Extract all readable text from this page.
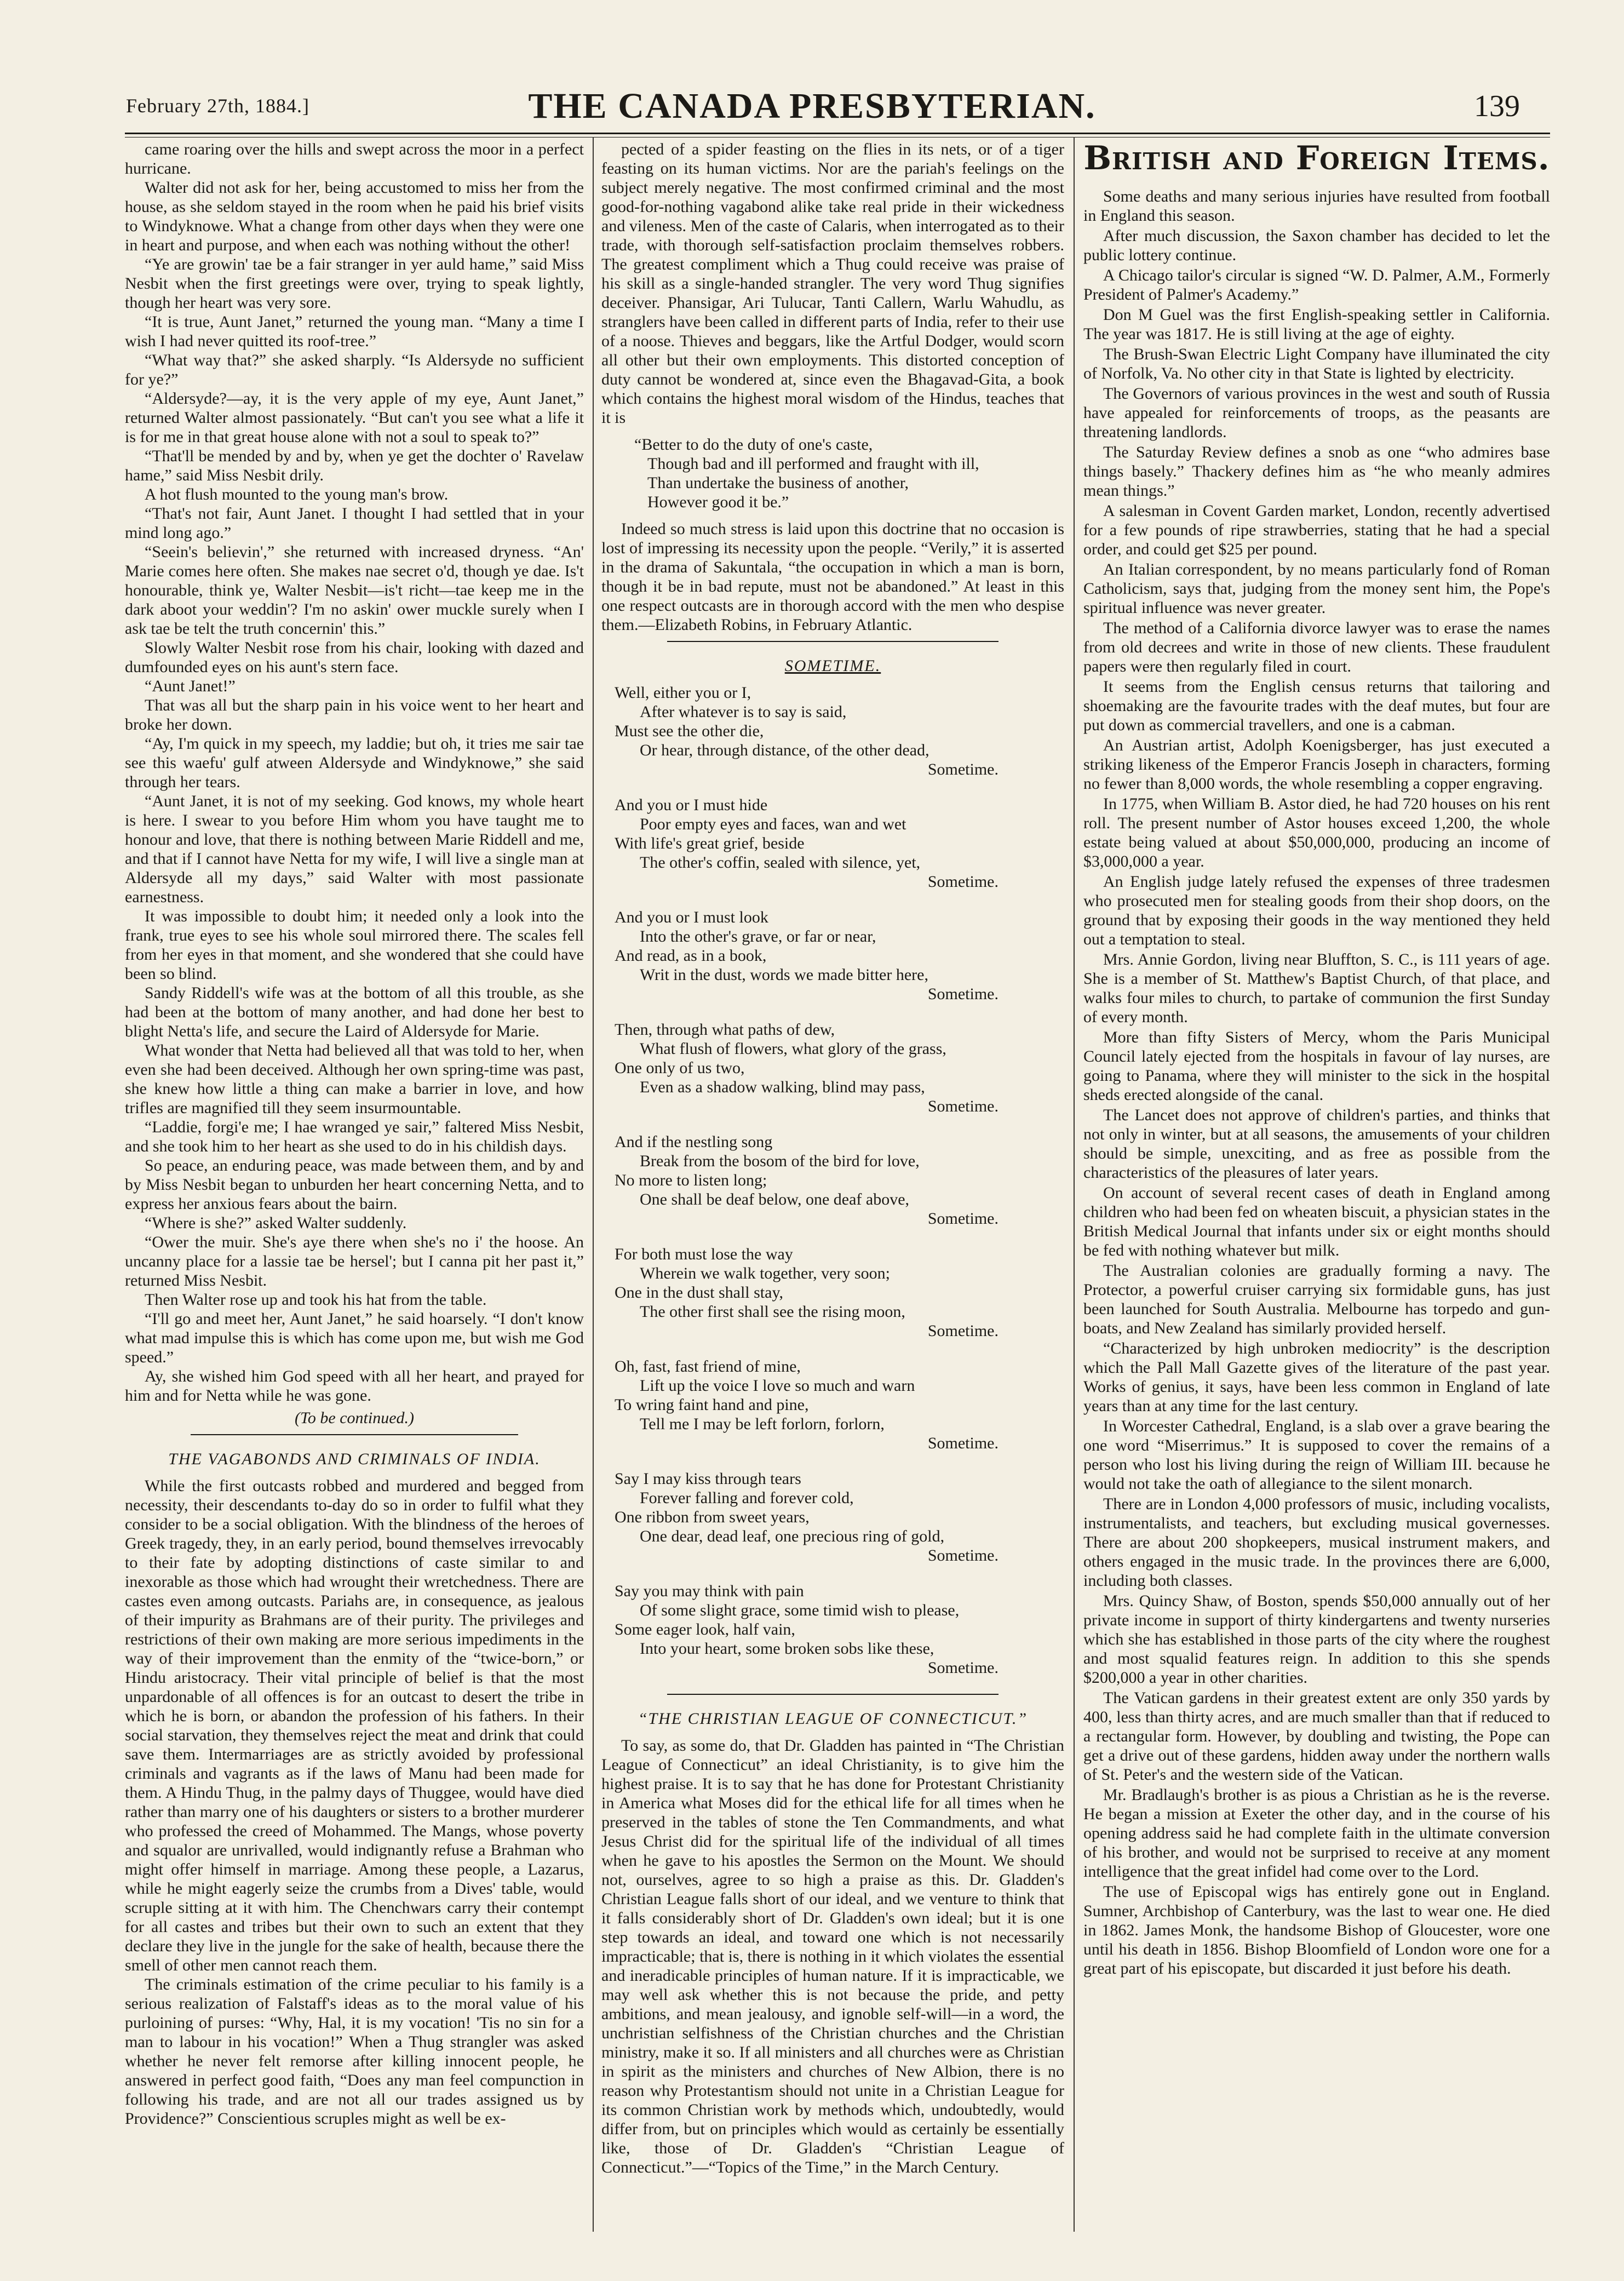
February 27th, 1884.]	THE CANADA PRESBYTERIAN.	139

came roaring over the hills and swept across the moor in a perfect hurricane.

Walter did not ask for her, being accustomed to miss her from the house, as she seldom stayed in the room when he paid his brief visits to Windyknowe. What a change from other days when they were one in heart and purpose, and when each was nothing without the other!

“Ye are growin' tae be a fair stranger in yer auld hame,” said Miss Nesbit when the first greetings were over, trying to speak lightly, though her heart was very sore.

“It is true, Aunt Janet,” returned the young man. “Many a time I wish I had never quitted its roof-tree.”

“What way that?” she asked sharply. “Is Aldersyde no sufficient for ye?”

“Aldersyde?—ay, it is the very apple of my eye, Aunt Janet,” returned Walter almost passionately. “But can't you see what a life it is for me in that great house alone with not a soul to speak to?”

“That'll be mended by and by, when ye get the dochter o' Ravelaw hame,” said Miss Nesbit drily.

A hot flush mounted to the young man's brow.

“That's not fair, Aunt Janet. I thought I had settled that in your mind long ago.”

“Seein's believin',” she returned with increased dryness. “An' Marie comes here often. She makes nae secret o'd, though ye dae. Is't honourable, think ye, Walter Nesbit—is't richt—tae keep me in the dark aboot your weddin'? I'm no askin' ower muckle surely when I ask tae be telt the truth concernin' this.”

Slowly Walter Nesbit rose from his chair, looking with dazed and dumfounded eyes on his aunt's stern face.

“Aunt Janet!”

That was all but the sharp pain in his voice went to her heart and broke her down.

“Ay, I'm quick in my speech, my laddie; but oh, it tries me sair tae see this waefu' gulf atween Aldersyde and Windyknowe,” she said through her tears.

“Aunt Janet, it is not of my seeking. God knows, my whole heart is here. I swear to you before Him whom you have taught me to honour and love, that there is nothing between Marie Riddell and me, and that if I cannot have Netta for my wife, I will live a single man at Aldersyde all my days,” said Walter with most passionate earnestness.

It was impossible to doubt him; it needed only a look into the frank, true eyes to see his whole soul mirrored there. The scales fell from her eyes in that moment, and she wondered that she could have been so blind.

Sandy Riddell's wife was at the bottom of all this trouble, as she had been at the bottom of many another, and had done her best to blight Netta's life, and secure the Laird of Aldersyde for Marie.

What wonder that Netta had believed all that was told to her, when even she had been deceived. Although her own spring-time was past, she knew how little a thing can make a barrier in love, and how trifles are magnified till they seem insurmountable.

“Laddie, forgi'e me; I hae wranged ye sair,” faltered Miss Nesbit, and she took him to her heart as she used to do in his childish days.

So peace, an enduring peace, was made between them, and by and by Miss Nesbit began to unburden her heart concerning Netta, and to express her anxious fears about the bairn.

“Where is she?” asked Walter suddenly.

“Ower the muir. She's aye there when she's no i' the hoose. An uncanny place for a lassie tae be hersel'; but I canna pit her past it,” returned Miss Nesbit.

Then Walter rose up and took his hat from the table.

“I'll go and meet her, Aunt Janet,” he said hoarsely. “I don't know what mad impulse this is which has come upon me, but wish me God speed.”

Ay, she wished him God speed with all her heart, and prayed for him and for Netta while he was gone.

(To be continued.)
THE VAGABONDS AND CRIMINALS OF INDIA.

While the first outcasts robbed and murdered and begged from necessity, their descendants to-day do so in order to fulfil what they consider to be a social obligation. With the blindness of the heroes of Greek tragedy, they, in an early period, bound themselves irrevocably to their fate by adopting distinctions of caste similar to and inexorable as those which had wrought their wretchedness. There are castes even among outcasts. Pariahs are, in consequence, as jealous of their impurity as Brahmans are of their purity. The privileges and restrictions of their own making are more serious impediments in the way of their improvement than the enmity of the “twice-born,” or Hindu aristocracy. Their vital principle of belief is that the most unpardonable of all offences is for an outcast to desert the tribe in which he is born, or abandon the profession of his fathers. In their social starvation, they themselves reject the meat and drink that could save them. Intermarriages are as strictly avoided by professional criminals and vagrants as if the laws of Manu had been made for them. A Hindu Thug, in the palmy days of Thuggee, would have died rather than marry one of his daughters or sisters to a brother murderer who professed the creed of Mohammed. The Mangs, whose poverty and squalor are unrivalled, would indignantly refuse a Brahman who might offer himself in marriage. Among these people, a Lazarus, while he might eagerly seize the crumbs from a Dives' table, would scruple sitting at it with him. The Chenchwars carry their contempt for all castes and tribes but their own to such an extent that they declare they live in the jungle for the sake of health, because there the smell of other men cannot reach them.

The criminals estimation of the crime peculiar to his family is a serious realization of Falstaff's ideas as to the moral value of his purloining of purses: “Why, Hal, it is my vocation! 'Tis no sin for a man to labour in his vocation!” When a Thug strangler was asked whether he never felt remorse after killing innocent people, he answered in perfect good faith, “Does any man feel compunction in following his trade, and are not all our trades assigned us by Providence?” Conscientious scruples might as well be ex-

pected of a spider feasting on the flies in its nets, or of a tiger feasting on its human victims. Nor are the pariah's feelings on the subject merely negative. The most confirmed criminal and the most good-for-nothing vagabond alike take real pride in their wickedness and vileness. Men of the caste of Calaris, when interrogated as to their trade, with thorough self-satisfaction proclaim themselves robbers. The greatest compliment which a Thug could receive was praise of his skill as a single-handed strangler. The very word Thug signifies deceiver. Phansigar, Ari Tulucar, Tanti Callern, Warlu Wahudlu, as stranglers have been called in different parts of India, refer to their use of a noose. Thieves and beggars, like the Artful Dodger, would scorn all other but their own employments. This distorted conception of duty cannot be wondered at, since even the Bhagavad-Gita, a book which contains the highest moral wisdom of the Hindus, teaches that it is

“Better to do the duty of one's caste,
Though bad and ill performed and fraught with ill,
Than undertake the business of another,
However good it be.”

Indeed so much stress is laid upon this doctrine that no occasion is lost of impressing its necessity upon the people. “Verily,” it is asserted in the drama of Sakuntala, “the occupation in which a man is born, though it be in bad repute, must not be abandoned.” At least in this one respect outcasts are in thorough accord with the men who despise them.—Elizabeth Robins, in February Atlantic.

SOMETIME.
Well, either you or I,
After whatever is to say is said,
Must see the other die,
Or hear, through distance, of the other dead,
Sometime.
And you or I must hide
Poor empty eyes and faces, wan and wet
With life's great grief, beside
The other's coffin, sealed with silence, yet,
Sometime.
And you or I must look
Into the other's grave, or far or near,
And read, as in a book,
Writ in the dust, words we made bitter here,
Sometime.
Then, through what paths of dew,
What flush of flowers, what glory of the grass,
One only of us two,
Even as a shadow walking, blind may pass,
Sometime.
And if the nestling song
Break from the bosom of the bird for love,
No more to listen long;
One shall be deaf below, one deaf above,
Sometime.
For both must lose the way
Wherein we walk together, very soon;
One in the dust shall stay,
The other first shall see the rising moon,
Sometime.
Oh, fast, fast friend of mine,
Lift up the voice I love so much and warn
To wring faint hand and pine,
Tell me I may be left forlorn, forlorn,
Sometime.
Say I may kiss through tears
Forever falling and forever cold,
One ribbon from sweet years,
One dear, dead leaf, one precious ring of gold,
Sometime.
Say you may think with pain
Of some slight grace, some timid wish to please,
Some eager look, half vain,
Into your heart, some broken sobs like these,
Sometime.
“THE CHRISTIAN LEAGUE OF CONNECTICUT.”

To say, as some do, that Dr. Gladden has painted in “The Christian League of Connecticut” an ideal Christianity, is to give him the highest praise. It is to say that he has done for Protestant Christianity in America what Moses did for the ethical life for all times when he preserved in the tables of stone the Ten Commandments, and what Jesus Christ did for the spiritual life of the individual of all times when he gave to his apostles the Sermon on the Mount. We should not, ourselves, agree to so high a praise as this. Dr. Gladden's Christian League falls short of our ideal, and we venture to think that it falls considerably short of Dr. Gladden's own ideal; but it is one step towards an ideal, and toward one which is not necessarily impracticable; that is, there is nothing in it which violates the essential and ineradicable principles of human nature. If it is impracticable, we may well ask whether this is not because the pride, and petty ambitions, and mean jealousy, and ignoble self-will—in a word, the unchristian selfishness of the Christian churches and the Christian ministry, make it so. If all ministers and all churches were as Christian in spirit as the ministers and churches of New Albion, there is no reason why Protestantism should not unite in a Christian League for its common Christian work by methods which, undoubtedly, would differ from, but on principles which would as certainly be essentially like, those of Dr. Gladden's “Christian League of Connecticut.”—“Topics of the Time,” in the March Century.

British and Foreign Items.

Some deaths and many serious injuries have resulted from football in England this season.

After much discussion, the Saxon chamber has decided to let the public lottery continue.

A Chicago tailor's circular is signed “W. D. Palmer, A.M., Formerly President of Palmer's Academy.”

Don M Guel was the first English-speaking settler in California. The year was 1817. He is still living at the age of eighty.

The Brush-Swan Electric Light Company have illuminated the city of Norfolk, Va. No other city in that State is lighted by electricity.

The Governors of various provinces in the west and south of Russia have appealed for reinforcements of troops, as the peasants are threatening landlords.

The Saturday Review defines a snob as one “who admires base things basely.” Thackery defines him as “he who meanly admires mean things.”

A salesman in Covent Garden market, London, recently advertised for a few pounds of ripe strawberries, stating that he had a special order, and could get $25 per pound.

An Italian correspondent, by no means particularly fond of Roman Catholicism, says that, judging from the money sent him, the Pope's spiritual influence was never greater.

The method of a California divorce lawyer was to erase the names from old decrees and write in those of new clients. These fraudulent papers were then regularly filed in court.

It seems from the English census returns that tailoring and shoemaking are the favourite trades with the deaf mutes, but four are put down as commercial travellers, and one is a cabman.

An Austrian artist, Adolph Koenigsberger, has just executed a striking likeness of the Emperor Francis Joseph in characters, forming no fewer than 8,000 words, the whole resembling a copper engraving.

In 1775, when William B. Astor died, he had 720 houses on his rent roll. The present number of Astor houses exceed 1,200, the whole estate being valued at about $50,000,000, producing an income of $3,000,000 a year.

An English judge lately refused the expenses of three tradesmen who prosecuted men for stealing goods from their shop doors, on the ground that by exposing their goods in the way mentioned they held out a temptation to steal.

Mrs. Annie Gordon, living near Bluffton, S. C., is 111 years of age. She is a member of St. Matthew's Baptist Church, of that place, and walks four miles to church, to partake of communion the first Sunday of every month.

More than fifty Sisters of Mercy, whom the Paris Municipal Council lately ejected from the hospitals in favour of lay nurses, are going to Panama, where they will minister to the sick in the hospital sheds erected alongside of the canal.

The Lancet does not approve of children's parties, and thinks that not only in winter, but at all seasons, the amusements of your children should be simple, unexciting, and as free as possible from the characteristics of the pleasures of later years.

On account of several recent cases of death in England among children who had been fed on wheaten biscuit, a physician states in the British Medical Journal that infants under six or eight months should be fed with nothing whatever but milk.

The Australian colonies are gradually forming a navy. The Protector, a powerful cruiser carrying six formidable guns, has just been launched for South Australia. Melbourne has torpedo and gun-boats, and New Zealand has similarly provided herself.

“Characterized by high unbroken mediocrity” is the description which the Pall Mall Gazette gives of the literature of the past year. Works of genius, it says, have been less common in England of late years than at any time for the last century.

In Worcester Cathedral, England, is a slab over a grave bearing the one word “Miserrimus.” It is supposed to cover the remains of a person who lost his living during the reign of William III. because he would not take the oath of allegiance to the silent monarch.

There are in London 4,000 professors of music, including vocalists, instrumentalists, and teachers, but excluding musical governesses. There are about 200 shopkeepers, musical instrument makers, and others engaged in the music trade. In the provinces there are 6,000, including both classes.

Mrs. Quincy Shaw, of Boston, spends $50,000 annually out of her private income in support of thirty kindergartens and twenty nurseries which she has established in those parts of the city where the roughest and most squalid features reign. In addition to this she spends $200,000 a year in other charities.

The Vatican gardens in their greatest extent are only 350 yards by 400, less than thirty acres, and are much smaller than that if reduced to a rectangular form. However, by doubling and twisting, the Pope can get a drive out of these gardens, hidden away under the northern walls of St. Peter's and the western side of the Vatican.

Mr. Bradlaugh's brother is as pious a Christian as he is the reverse. He began a mission at Exeter the other day, and in the course of his opening address said he had complete faith in the ultimate conversion of his brother, and would not be surprised to receive at any moment intelligence that the great infidel had come over to the Lord.

The use of Episcopal wigs has entirely gone out in England. Sumner, Archbishop of Canterbury, was the last to wear one. He died in 1862. James Monk, the handsome Bishop of Gloucester, wore one until his death in 1856. Bishop Bloomfield of London wore one for a great part of his episcopate, but discarded it just before his death.
